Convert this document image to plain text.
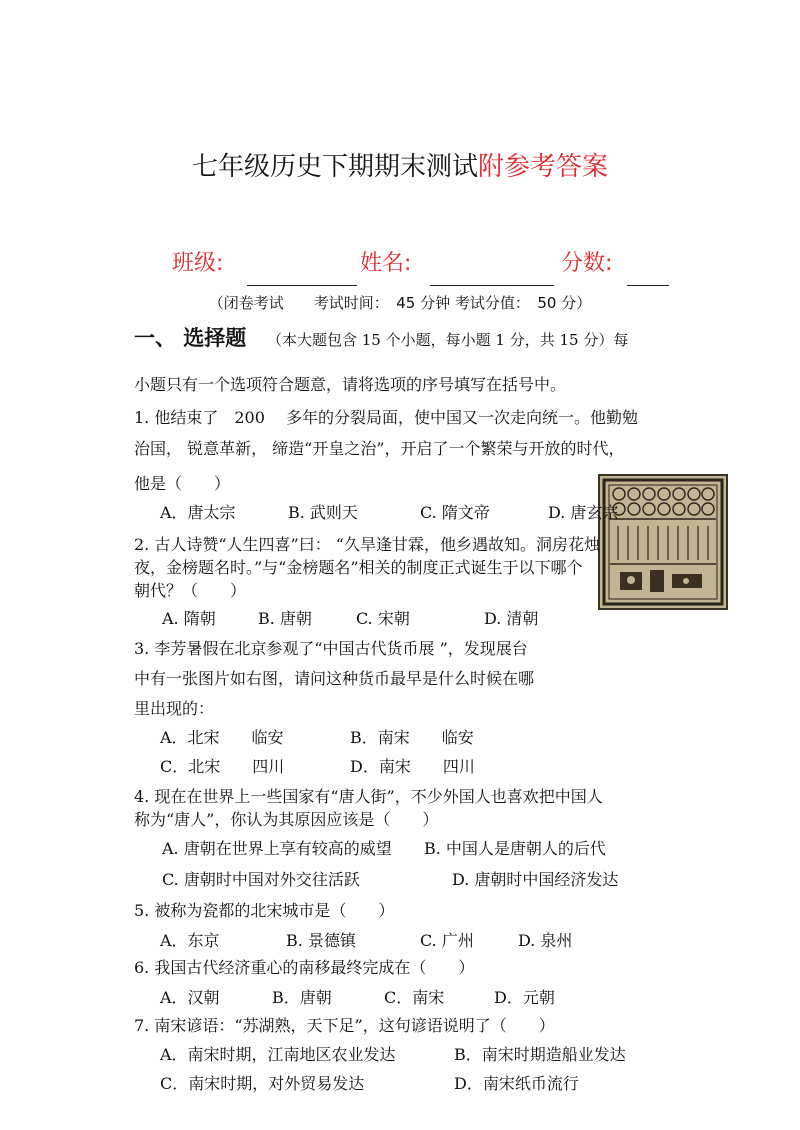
七年级历史下期期末测试附参考答案
班级:	姓名:	分数:
（闭卷考试　　考试时间：　45 分钟 考试分值：　50 分）
一、 选择题 （本大题包含 15 个小题，每小题 1 分，共 15 分）每
小题只有一个选项符合题意，请将选项的序号填写在括号中。
1. 他结束了　200　 多年的分裂局面，使中国又一次走向统一。他勤勉
治国， 锐意革新， 缔造“开皇之治”，开启了一个繁荣与开放的时代，
他是（　　）
A．唐太宗	B. 武则天	C. 隋文帝	D. 唐玄宗
2. 古人诗赞“人生四喜”曰： “久旱逢甘霖，他乡遇故知。洞房花烛
夜，金榜题名时。”与“金榜题名”相关的制度正式诞生于以下哪个
朝代？（　　）
A. 隋朝	B. 唐朝	C. 宋朝	D. 清朝
3. 李芳暑假在北京参观了“中国古代货币展 ”，发现展台
中有一张图片如右图，请问这种货币最早是什么时候在哪
里出现的：
A．北宋　　临安	B．南宋　　临安
C．北宋　　四川	D．南宋　　四川
4. 现在在世界上一些国家有“唐人街”，不少外国人也喜欢把中国人
称为“唐人”，你认为其原因应该是（　　）
A. 唐朝在世界上享有较高的威望 B. 中国人是唐朝人的后代
C. 唐朝时中国对外交往活跃	D. 唐朝时中国经济发达
5. 被称为瓷都的北宋城市是（　　）
A．东京	B. 景德镇	C. 广州	D. 泉州
6. 我国古代经济重心的南移最终完成在（　　）
A．汉朝	B．唐朝	C．南宋	D．元朝
7. 南宋谚语：“苏湖熟，天下足”，这句谚语说明了（　　）
A．南宋时期，江南地区农业发达	B．南宋时期造船业发达
C．南宋时期，对外贸易发达	D．南宋纸币流行
